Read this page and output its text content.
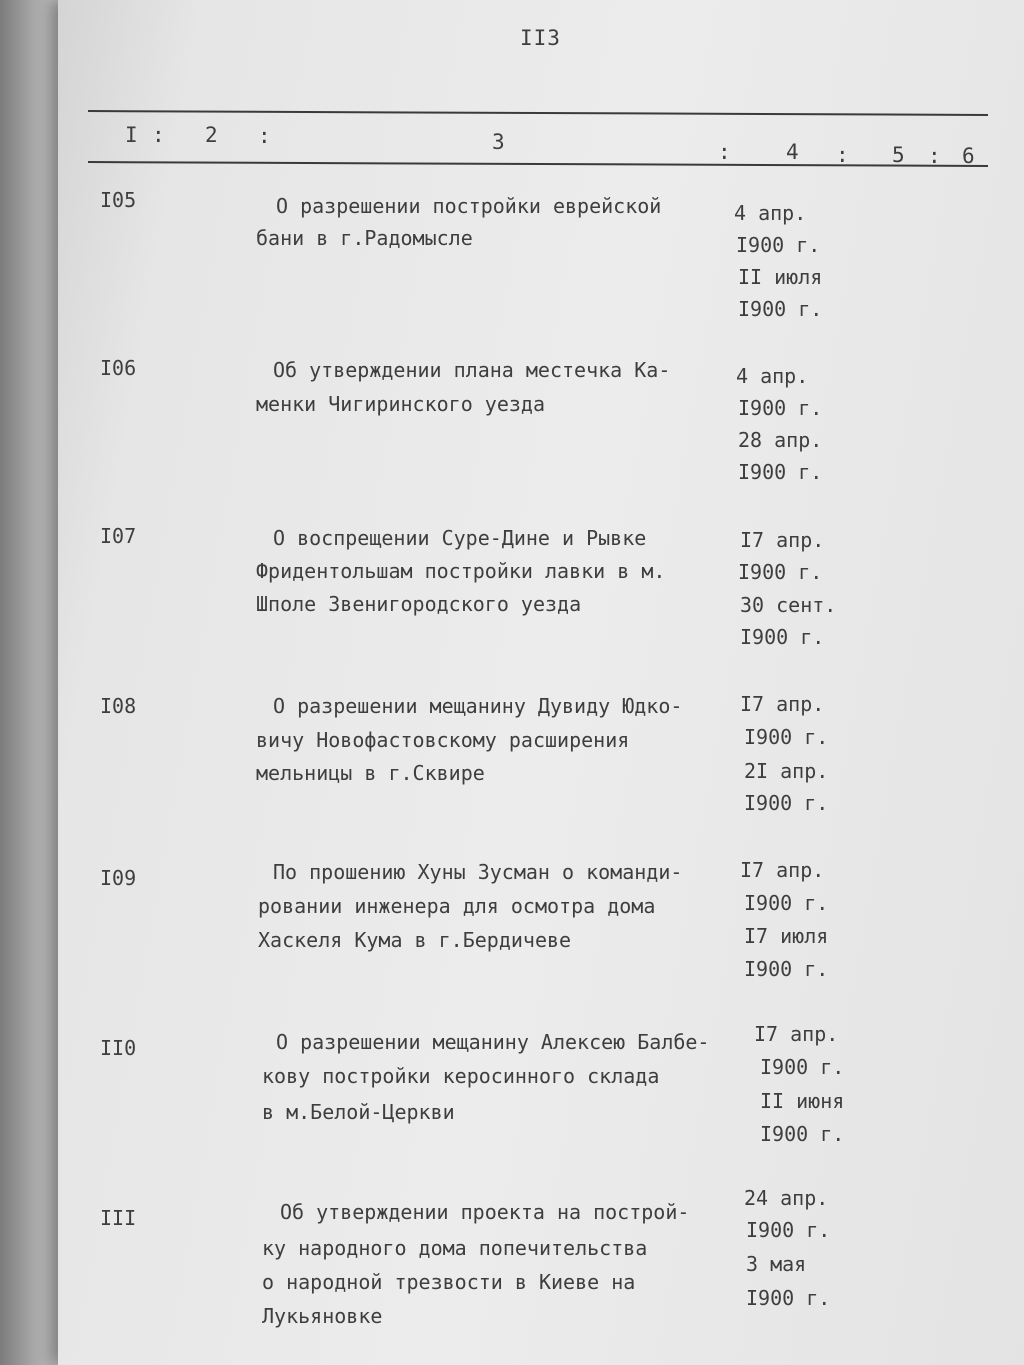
II3
I : 2 :	3	:	4 : 5 : 6
I05	О разрешении постройки еврейской
бани в г.Радомысле
4 апр.
I900 г.
II июля
I900 г.
I06	Об утверждении плана местечка Ка-
менки Чигиринского уезда
4 апр.
I900 г.
28 апр.
I900 г.
I07	О воспрещении Суре-Дине и Рывке
Фридентольшам постройки лавки в м.
Шполе Звенигородского уезда
I7 апр.
I900 г.
30 сент.
I900 г.
I08	О разрешении мещанину Дувиду Юдко-
вичу Новофастовскому расширения
мельницы в г.Сквире
I7 апр.
I900 г.
2I апр.
I900 г.
I09	По прошению Хуны Зусман о команди-
ровании инженера для осмотра дома
Хаскеля Кума в г.Бердичеве
I7 апр.
I900 г.
I7 июля
I900 г.
II0	О разрешении мещанину Алексею Балбе-
кову постройки керосинного склада
в м.Белой-Церкви
I7 апр.
I900 г.
II июня
I900 г.
III	Об утверждении проекта на построй-
ку народного дома попечительства
о народной трезвости в Киеве на
Лукьяновке
24 апр.
I900 г.
3 мая
I900 г.
